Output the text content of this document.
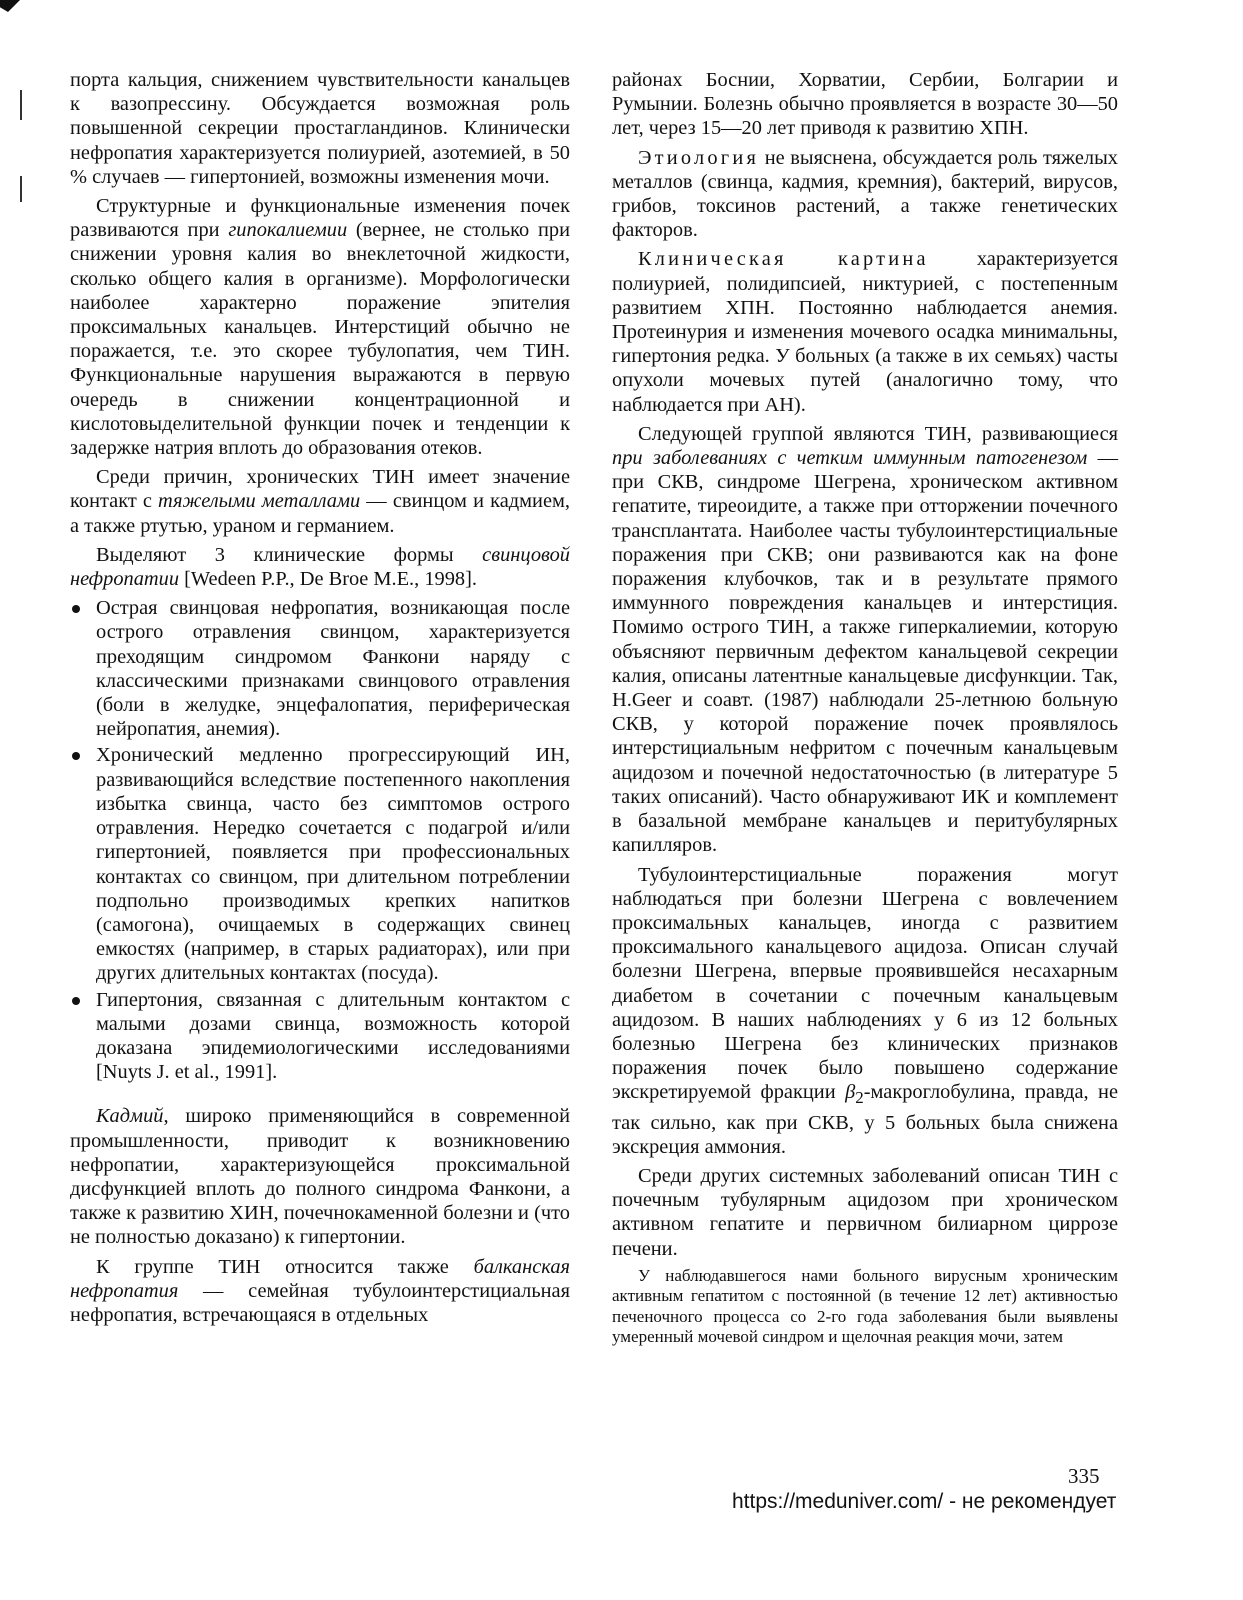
порта кальция, снижением чувствительности канальцев к вазопрессину. Обсуждается возможная роль повышенной секреции простагландинов. Клинически нефропатия характеризуется полиурией, азотемией, в 50 % случаев — гипертонией, возможны изменения мочи.

Структурные и функциональные изменения почек развиваются при гипокалиемии (вернее, не столько при снижении уровня калия во внеклеточной жидкости, сколько общего калия в организме). Морфологически наиболее характерно поражение эпителия проксимальных канальцев. Интерстиций обычно не поражается, т.е. это скорее тубулопатия, чем ТИН. Функциональные нарушения выражаются в первую очередь в снижении концентрационной и кислотовыделительной функции почек и тенденции к задержке натрия вплоть до образования отеков.

Среди причин, хронических ТИН имеет значение контакт с тяжелыми металлами — свинцом и кадмием, а также ртутью, ураном и германием.

Выделяют 3 клинические формы свинцовой нефропатии [Wedeen P.P., De Broe M.E., 1998].

Острая свинцовая нефропатия, возникающая после острого отравления свинцом, характеризуется преходящим синдромом Фанкони наряду с классическими признаками свинцового отравления (боли в желудке, энцефалопатия, периферическая нейропатия, анемия).
Хронический медленно прогрессирующий ИН, развивающийся вследствие постепенного накопления избытка свинца, часто без симптомов острого отравления. Нередко сочетается с подагрой и/или гипертонией, появляется при профессиональных контактах со свинцом, при длительном потреблении подпольно производимых крепких напитков (самогона), очищаемых в содержащих свинец емкостях (например, в старых радиаторах), или при других длительных контактах (посуда).
Гипертония, связанная с длительным контактом с малыми дозами свинца, возможность которой доказана эпидемиологическими исследованиями [Nuyts J. et al., 1991].

Кадмий, широко применяющийся в современной промышленности, приводит к возникновению нефропатии, характеризующейся проксимальной дисфункцией вплоть до полного синдрома Фанкони, а также к развитию ХИН, почечнокаменной болезни и (что не полностью доказано) к гипертонии.

К группе ТИН относится также балканская нефропатия — семейная тубулоинтерстициальная нефропатия, встречающаяся в отдельных

районах Боснии, Хорватии, Сербии, Болгарии и Румынии. Болезнь обычно проявляется в возрасте 30—50 лет, через 15—20 лет приводя к развитию ХПН.

Этиология не выяснена, обсуждается роль тяжелых металлов (свинца, кадмия, кремния), бактерий, вирусов, грибов, токсинов растений, а также генетических факторов.

Клиническая картина характеризуется полиурией, полидипсией, никтурией, с постепенным развитием ХПН. Постоянно наблюдается анемия. Протеинурия и изменения мочевого осадка минимальны, гипертония редка. У больных (а также в их семьях) часты опухоли мочевых путей (аналогично тому, что наблюдается при АН).

Следующей группой являются ТИН, развивающиеся при заболеваниях с четким иммунным патогенезом — при СКВ, синдроме Шегрена, хроническом активном гепатите, тиреоидите, а также при отторжении почечного трансплантата. Наиболее часты тубулоинтерстициальные поражения при СКВ; они развиваются как на фоне поражения клубочков, так и в результате прямого иммунного повреждения канальцев и интерстиция. Помимо острого ТИН, а также гиперкалиемии, которую объясняют первичным дефектом канальцевой секреции калия, описаны латентные канальцевые дисфункции. Так, H.Geer и соавт. (1987) наблюдали 25-летнюю больную СКВ, у которой поражение почек проявлялось интерстициальным нефритом с почечным канальцевым ацидозом и почечной недостаточностью (в литературе 5 таких описаний). Часто обнаруживают ИК и комплемент в базальной мембране канальцев и перитубулярных капилляров.

Тубулоинтерстициальные поражения могут наблюдаться при болезни Шегрена с вовлечением проксимальных канальцев, иногда с развитием проксимального канальцевого ацидоза. Описан случай болезни Шегрена, впервые проявившейся несахарным диабетом в сочетании с почечным канальцевым ацидозом. В наших наблюдениях у 6 из 12 больных болезнью Шегрена без клинических признаков поражения почек было повышено содержание экскретируемой фракции $\beta_2$-макроглобулина, правда, не так сильно, как при СКВ, у 5 больных была снижена экскреция аммония.

Среди других системных заболеваний описан ТИН с почечным тубулярным ацидозом при хроническом активном гепатите и первичном билиарном циррозе печени.

У наблюдавшегося нами больного вирусным хроническим активным гепатитом с постоянной (в течение 12 лет) активностью печеночного процесса со 2-го года заболевания были выявлены умеренный мочевой синдром и щелочная реакция мочи, затем

335
https://meduniver.com/ - не рекомендует
